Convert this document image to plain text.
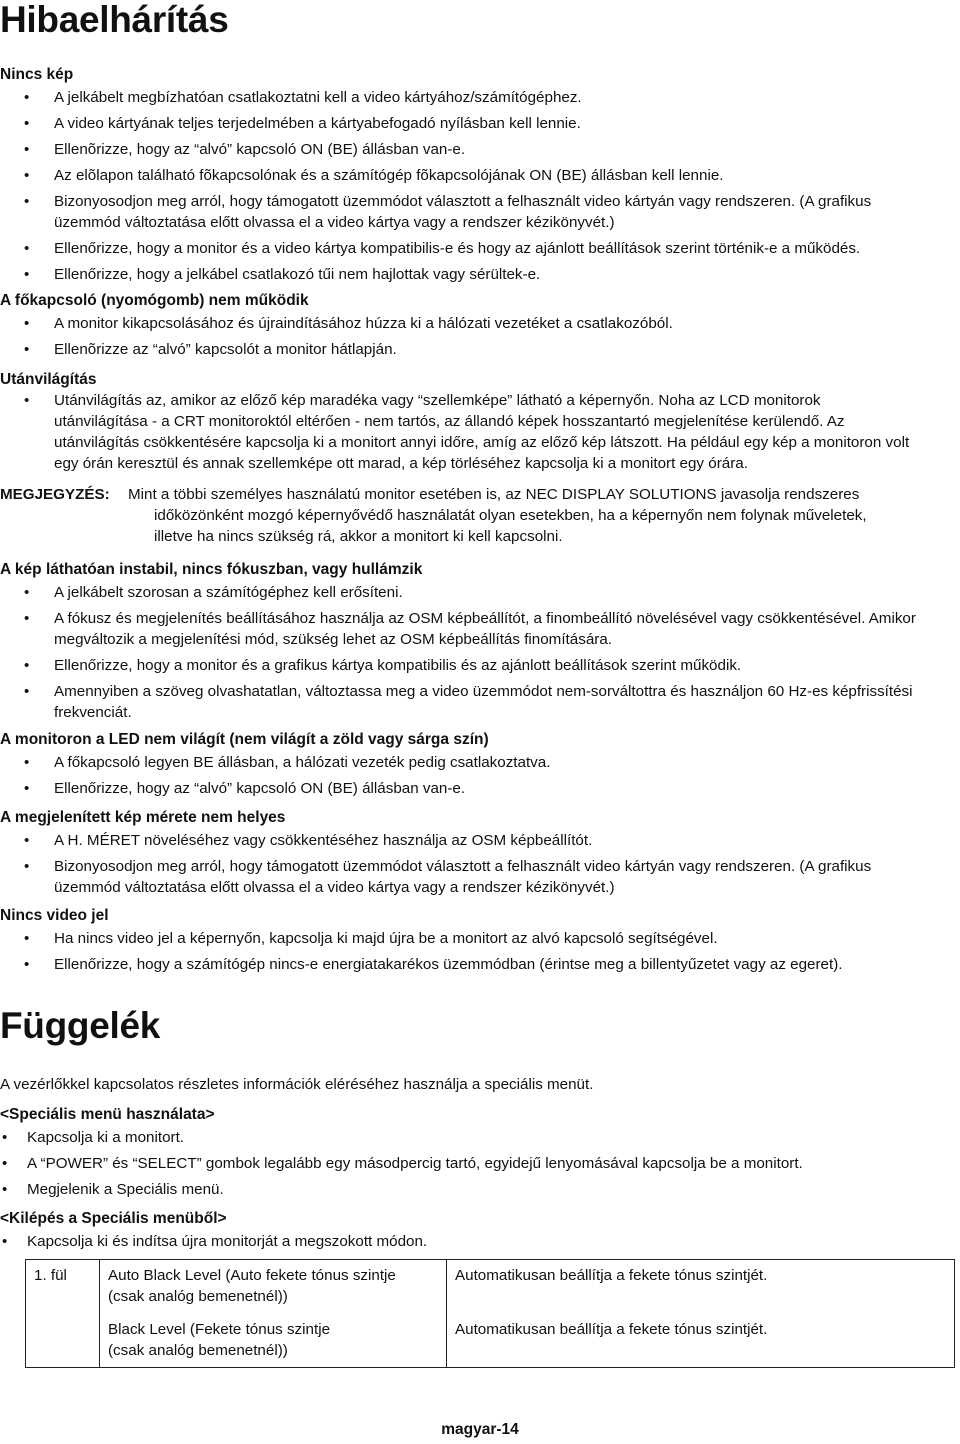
Hibaelhárítás
Nincs kép
• A jelkábelt megbízhatóan csatlakoztatni kell a video kártyához/számítógéphez.
• A video kártyának teljes terjedelmében a kártyabefogadó nyílásban kell lennie.
• Ellenõrizze, hogy az “alvó” kapcsoló ON (BE) állásban van-e.
• Az elõlapon található fõkapcsolónak és a számítógép fõkapcsolójának ON (BE) állásban kell lennie.
• Bizonyosodjon meg arról, hogy támogatott üzemmódot választott a felhasznált video kártyán vagy rendszeren. (A grafikus üzemmód változtatása előtt olvassa el a video kártya vagy a rendszer kézikönyvét.)
• Ellenőrizze, hogy a monitor és a video kártya kompatibilis-e és hogy az ajánlott beállítások szerint történik-e a működés.
• Ellenőrizze, hogy a jelkábel csatlakozó tűi nem hajlottak vagy sérültek-e.
A főkapcsoló (nyomógomb) nem működik
• A monitor kikapcsolásához és újraindításához húzza ki a hálózati vezetéket a csatlakozóból.
• Ellenõrizze az “alvó” kapcsolót a monitor hátlapján.
Utánvilágítás
• Utánvilágítás az, amikor az előző kép maradéka vagy “szellemképe” látható a képernyőn. Noha az LCD monitorok utánvilágítása - a CRT monitoroktól eltérően - nem tartós, az állandó képek hosszantartó megjelenítése kerülendő. Az utánvilágítás csökkentésére kapcsolja ki a monitort annyi időre, amíg az előző kép látszott. Ha például egy kép a monitoron volt egy órán keresztül és annak szellemképe ott marad, a kép törléséhez kapcsolja ki a monitort egy órára.
MEGJEGYZÉS: Mint a többi személyes használatú monitor esetében is, az NEC DISPLAY SOLUTIONS javasolja rendszeres
időközönként mozgó képernyővédő használatát olyan esetekben, ha a képernyőn nem folynak műveletek,
illetve ha nincs szükség rá, akkor a monitort ki kell kapcsolni.
A kép láthatóan instabil, nincs fókuszban, vagy hullámzik
• A jelkábelt szorosan a számítógéphez kell erősíteni.
• A fókusz és megjelenítés beállításához használja az OSM képbeállítót, a finombeállító növelésével vagy csökkentésével. Amikor megváltozik a megjelenítési mód, szükség lehet az OSM képbeállítás finomítására.
• Ellenőrizze, hogy a monitor és a grafikus kártya kompatibilis és az ajánlott beállítások szerint működik.
• Amennyiben a szöveg olvashatatlan, változtassa meg a video üzemmódot nem-sorváltottra és használjon 60 Hz-es képfrissítési frekvenciát.
A monitoron a LED nem világít (nem világít a zöld vagy sárga szín)
• A főkapcsoló legyen BE állásban, a hálózati vezeték pedig csatlakoztatva.
• Ellenőrizze, hogy az “alvó” kapcsoló ON (BE) állásban van-e.
A megjelenített kép mérete nem helyes
• A H. MÉRET növeléséhez vagy csökkentéséhez használja az OSM képbeállítót.
• Bizonyosodjon meg arról, hogy támogatott üzemmódot választott a felhasznált video kártyán vagy rendszeren. (A grafikus üzemmód változtatása előtt olvassa el a video kártya vagy a rendszer kézikönyvét.)
Nincs video jel
• Ha nincs video jel a képernyőn, kapcsolja ki majd újra be a monitort az alvó kapcsoló segítségével.
• Ellenőrizze, hogy a számítógép nincs-e energiatakarékos üzemmódban (érintse meg a billentyűzetet vagy az egeret).
Függelék
A vezérlőkkel kapcsolatos részletes információk eléréséhez használja a speciális menüt.
<Speciális menü használata>
• Kapcsolja ki a monitort.
• A “POWER” és “SELECT” gombok legalább egy másodpercig tartó, egyidejű lenyomásával kapcsolja be a monitort.
• Megjelenik a Speciális menü.
<Kilépés a Speciális menüből>
• Kapcsolja ki és indítsa újra monitorját a megszokott módon.
1. fül	Auto Black Level (Auto fekete tónus szintje
(csak analóg bemenetnél))	Automatikusan beállítja a fekete tónus szintjét.

	Black Level (Fekete tónus szintje
(csak analóg bemenetnél))	Automatikusan beállítja a fekete tónus szintjét.
magyar-14
